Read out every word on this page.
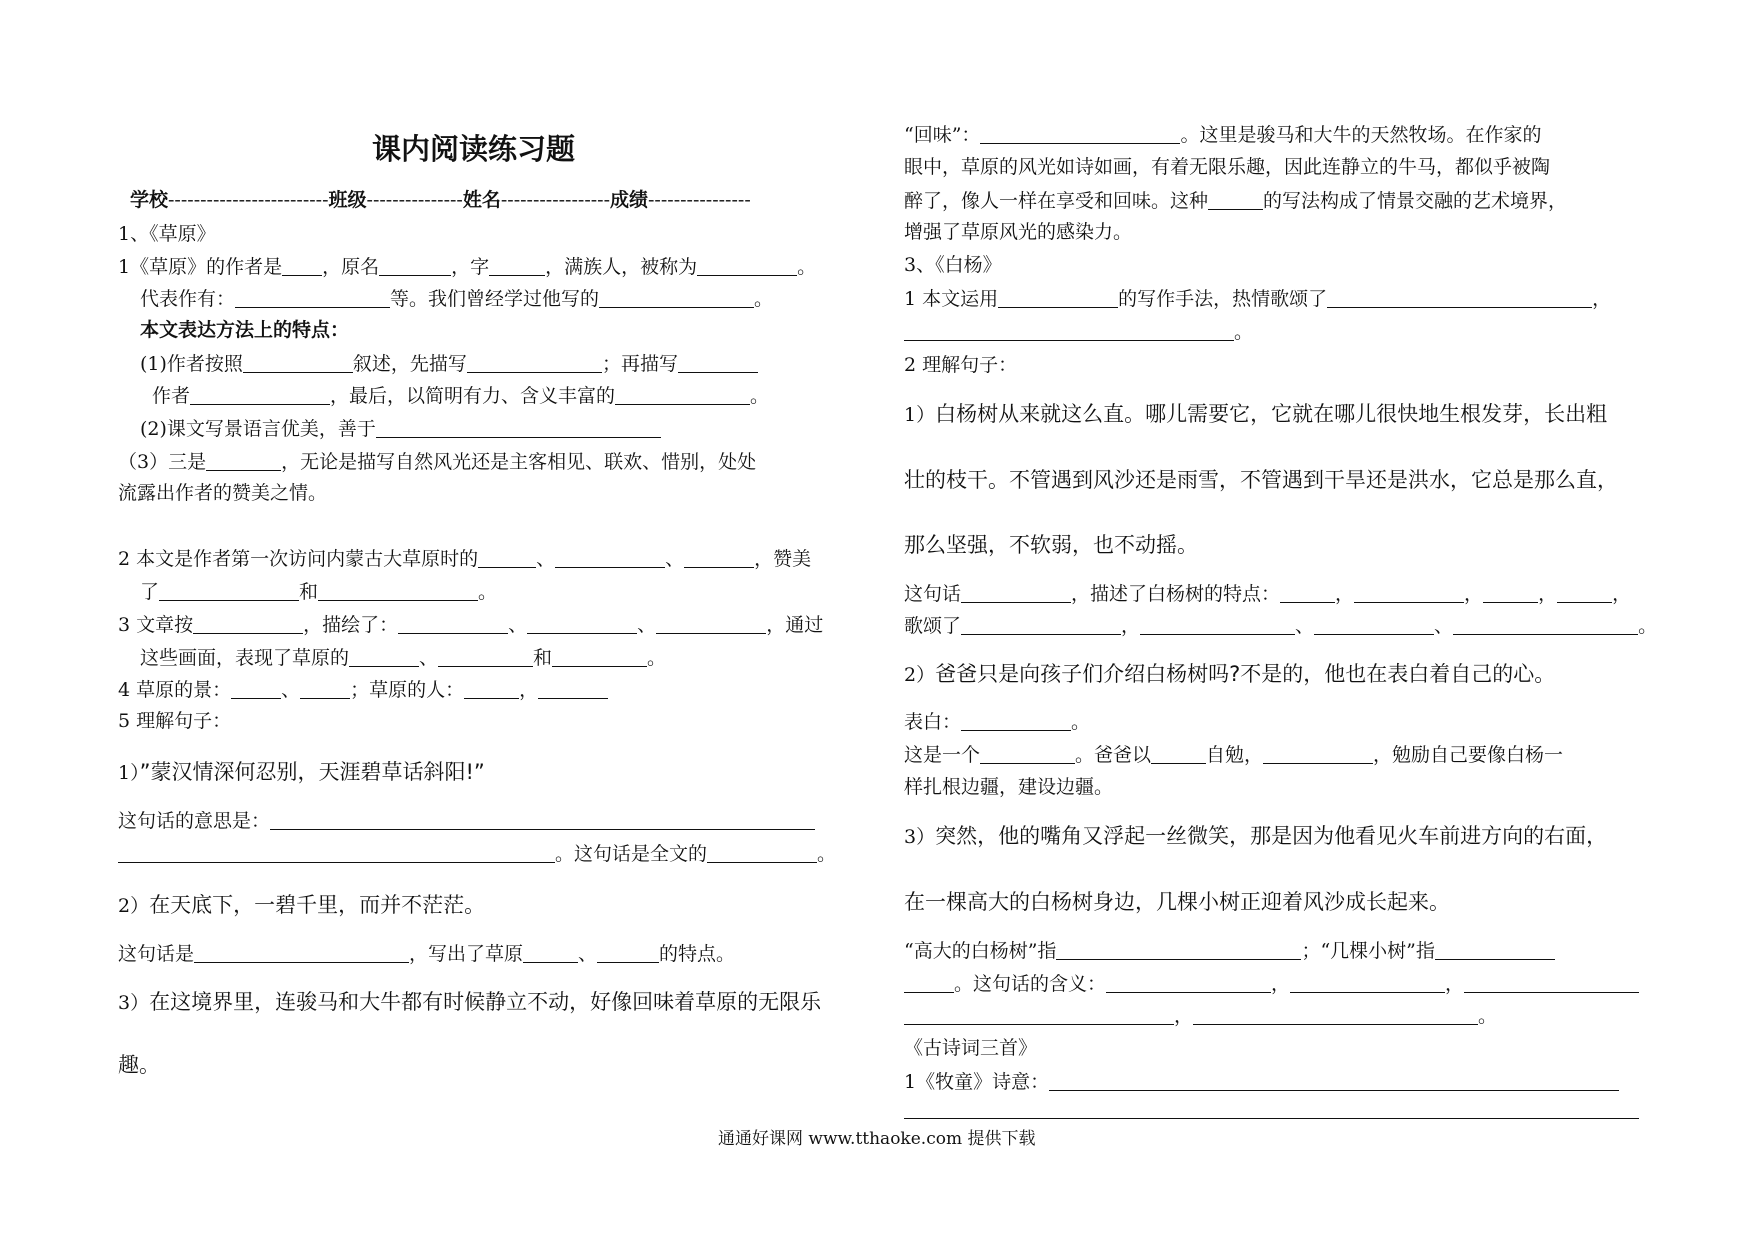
课内阅读练习题
学校-------------------------班级---------------姓名-----------------成绩----------------
1、《草原》
1《草原》的作者是 ，原名	，字	，满族人，被称为	。
代表作有：	等。我们曾经学过他写的	。
本文表达方法上的特点：
(1)作者按照	叙述，先描写	；再描写
作者	，最后，以简明有力、含义丰富的	。
(2)课文写景语言优美，善于
（3）三是	，无论是描写自然风光还是主客相见、联欢、惜别，处处
流露出作者的赞美之情。
2 本文是作者第一次访问内蒙古大草原时的	、	、	，赞美
了	和	。
3 文章按	，描绘了：	、	、	，通过
这些画面，表现了草原的	、	和	。
4 草原的景：	、	；草原的人：	，
5 理解句子：
1）”蒙汉情深何忍别，天涯碧草话斜阳!”
这句话的意思是：
。这句话是全文的	。
2）在天底下，一碧千里，而并不茫茫。
这句话是	，写出了草原	、	的特点。
3）在这境界里，连骏马和大牛都有时候静立不动，好像回味着草原的无限乐
趣。
“回味”：	。这里是骏马和大牛的天然牧场。在作家的
眼中，草原的风光如诗如画，有着无限乐趣，因此连静立的牛马，都似乎被陶
醉了，像人一样在享受和回味。这种	的写法构成了情景交融的艺术境界，
增强了草原风光的感染力。
3、《白杨》
1 本文运用	的写作手法，热情歌颂了	，
。
2 理解句子：
1）白杨树从来就这么直。哪儿需要它，它就在哪儿很快地生根发芽，长出粗
壮的枝干。不管遇到风沙还是雨雪，不管遇到干旱还是洪水，它总是那么直，
那么坚强，不软弱，也不动摇。
这句话	，描述了白杨树的特点：	，	，	，	，
歌颂了	，	、	、	。
2）爸爸只是向孩子们介绍白杨树吗?不是的，他也在表白着自己的心。
表白：	。
这是一个	。爸爸以	自勉，	，勉励自己要像白杨一
样扎根边疆，建设边疆。
3）突然，他的嘴角又浮起一丝微笑，那是因为他看见火车前进方向的右面，
在一棵高大的白杨树身边，几棵小树正迎着风沙成长起来。
“高大的白杨树”指	；“几棵小树”指
。这句话的含义：	，	，
，	。
《古诗词三首》
1《牧童》诗意：
通通好课网 www.tthaoke.com 提供下载
